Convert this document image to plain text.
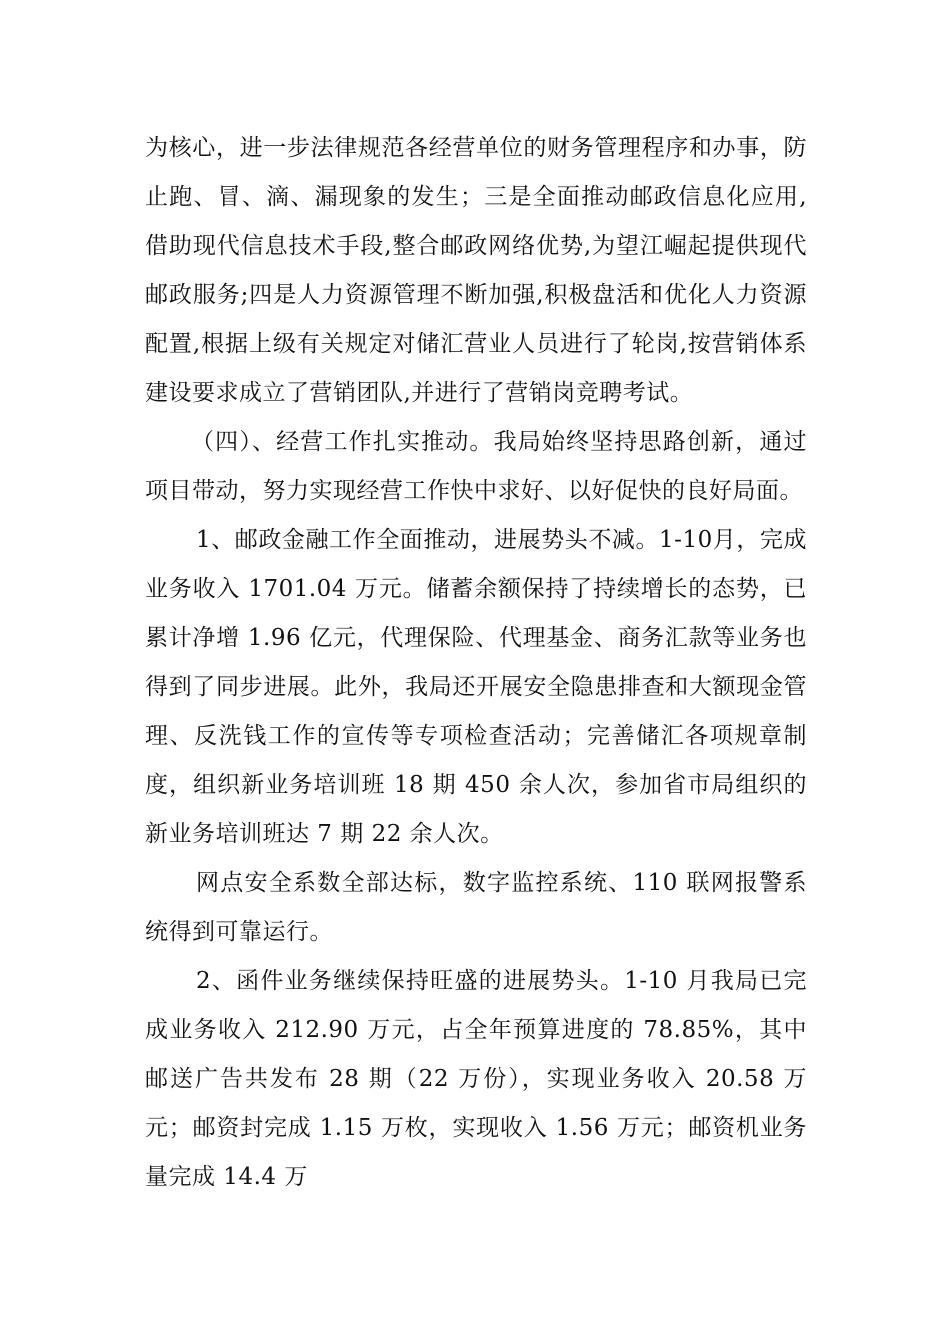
为核心，进一步法律规范各经营单位的财务管理程序和办事，防止跑、冒、滴、漏现象的发生；三是全面推动邮政信息化应用,借助现代信息技术手段,整合邮政网络优势,为望江崛起提供现代邮政服务;四是人力资源管理不断加强,积极盘活和优化人力资源配置,根据上级有关规定对储汇营业人员进行了轮岗,按营销体系建设要求成立了营销团队,并进行了营销岗竞聘考试。

（四）、经营工作扎实推动。我局始终坚持思路创新，通过项目带动，努力实现经营工作快中求好、以好促快的良好局面。

1、邮政金融工作全面推动，进展势头不减。1-10月，完成业务收入 1701.04 万元。储蓄余额保持了持续增长的态势，已累计净增 1.96 亿元，代理保险、代理基金、商务汇款等业务也得到了同步进展。此外，我局还开展安全隐患排查和大额现金管理、反洗钱工作的宣传等专项检查活动；完善储汇各项规章制度，组织新业务培训班 18 期 450 余人次，参加省市局组织的新业务培训班达 7 期 22 余人次。

网点安全系数全部达标，数字监控系统、110 联网报警系统得到可靠运行。

2、函件业务继续保持旺盛的进展势头。1-10 月我局已完成业务收入 212.90 万元，占全年预算进度的 78.85%，其中邮送广告共发布 28 期（22 万份），实现业务收入 20.58 万元；邮资封完成 1.15 万枚，实现收入 1.56 万元；邮资机业务量完成 14.4 万
